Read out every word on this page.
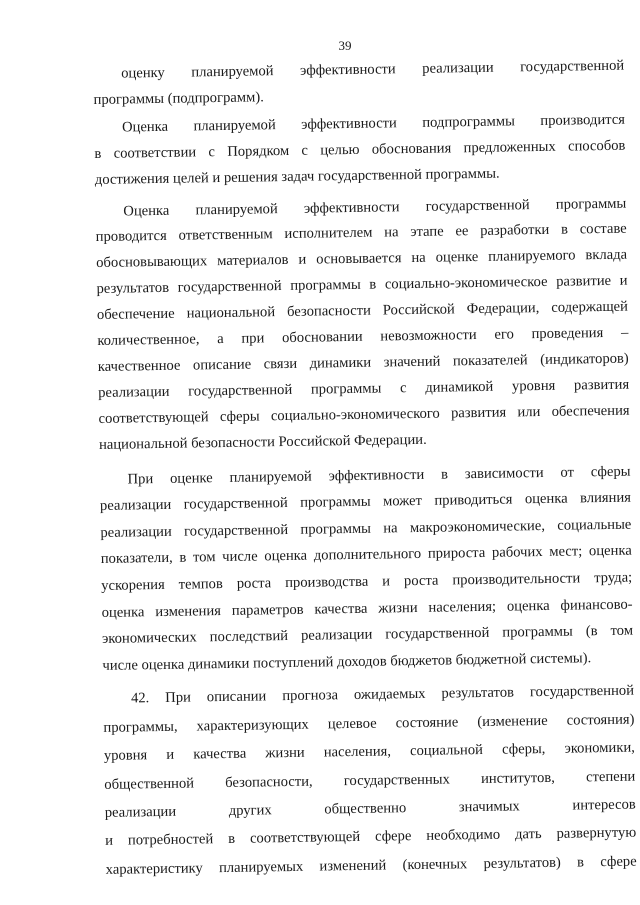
39
оценку планируемой эффективности реализации государственной
программы (подпрограмм).
Оценка планируемой эффективности подпрограммы производится
в соответствии с Порядком с целью обоснования предложенных способов
достижения целей и решения задач государственной программы.
Оценка планируемой эффективности государственной программы
проводится ответственным исполнителем на этапе ее разработки в составе
обосновывающих материалов и основывается на оценке планируемого вклада
результатов государственной программы в социально-экономическое развитие и
обеспечение национальной безопасности Российской Федерации, содержащей
количественное, а при обосновании невозможности его проведения –
качественное описание связи динамики значений показателей (индикаторов)
реализации государственной программы с динамикой уровня развития
соответствующей сферы социально-экономического развития или обеспечения
национальной безопасности Российской Федерации.
При оценке планируемой эффективности в зависимости от сферы
реализации государственной программы может приводиться оценка влияния
реализации государственной программы на макроэкономические, социальные
показатели, в том числе оценка дополнительного прироста рабочих мест; оценка
ускорения темпов роста производства и роста производительности труда;
оценка изменения параметров качества жизни населения; оценка финансово-
экономических последствий реализации государственной программы (в том
числе оценка динамики поступлений доходов бюджетов бюджетной системы).
42. При описании прогноза ожидаемых результатов государственной
программы, характеризующих целевое состояние (изменение состояния)
уровня и качества жизни населения, социальной сферы, экономики,
общественной безопасности, государственных институтов, степени
реализации других общественно значимых интересов
и потребностей в соответствующей сфере необходимо дать развернутую
характеристику планируемых изменений (конечных результатов) в сфере
